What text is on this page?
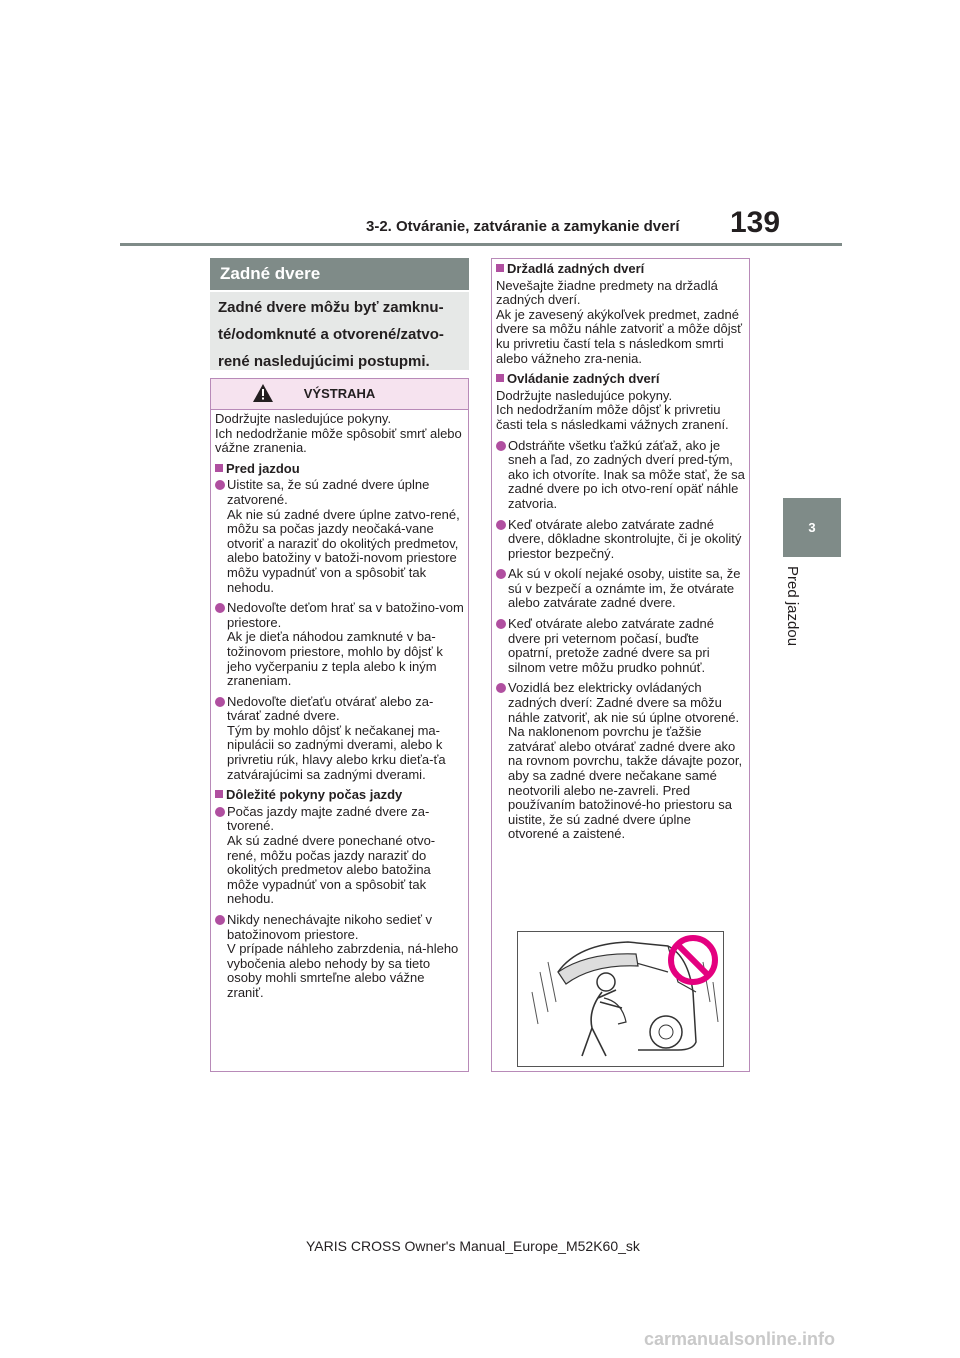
3-2. Otváranie, zatváranie a zamykanie dverí 139
3
Pred jazdou
Zadné dvere
Zadné dvere môžu byť zamknu-té/odomknuté a otvorené/zatvo-rené nasledujúcimi postupmi.
VÝSTRAHA

Dodržujte nasledujúce pokyny.
Ich nedodržanie môže spôsobiť smrť alebo vážne zranenia.

Pred jazdou
Uistite sa, že sú zadné dvere úplne zatvorené.
Ak nie sú zadné dvere úplne zatvo-rené, môžu sa počas jazdy neočaká-vane otvoriť a naraziť do okolitých predmetov, alebo batožiny v batoži-novom priestore môžu vypadnúť von a spôsobiť tak nehodu.
Nedovoľte deťom hrať sa v batožino-vom priestore.
Ak je dieťa náhodou zamknuté v ba-tožinovom priestore, mohlo by dôjsť k jeho vyčerpaniu z tepla alebo k iným zraneniam.
Nedovoľte dieťaťu otvárať alebo za-tvárať zadné dvere.
Tým by mohlo dôjsť k nečakanej ma-nipulácii so zadnými dverami, alebo k privretiu rúk, hlavy alebo krku dieťa-ťa zatvárajúcimi sa zadnými dverami.
Dôležité pokyny počas jazdy
Počas jazdy majte zadné dvere za-tvorené.
Ak sú zadné dvere ponechané otvo-rené, môžu počas jazdy naraziť do okolitých predmetov alebo batožina môže vypadnúť von a spôsobiť tak nehodu.
Nikdy nenechávajte nikoho sedieť v batožinovom priestore.
V prípade náhleho zabrzdenia, ná-hleho vybočenia alebo nehody by sa tieto osoby mohli smrteľne alebo vážne zraniť.
Držadlá zadných dverí

Nevešajte žiadne predmety na držadlá zadných dverí.
Ak je zavesený akýkoľvek predmet, zadné dvere sa môžu náhle zatvoriť a môže dôjsť ku privretiu častí tela s následkom smrti alebo vážneho zra-nenia.

Ovládanie zadných dverí

Dodržujte nasledujúce pokyny.
Ich nedodržaním môže dôjsť k privretiu časti tela s následkami vážnych zranení.

Odstráňte všetku ťažkú záťaž, ako je sneh a ľad, zo zadných dverí pred-tým, ako ich otvoríte. Inak sa môže stať, že sa zadné dvere po ich otvo-rení opäť náhle zatvoria.
Keď otvárate alebo zatvárate zadné dvere, dôkladne skontrolujte, či je okolitý priestor bezpečný.
Ak sú v okolí nejaké osoby, uistite sa, že sú v bezpečí a oznámte im, že otvárate alebo zatvárate zadné dvere.
Keď otvárate alebo zatvárate zadné dvere pri veternom počasí, buďte opatrní, pretože zadné dvere sa pri silnom vetre môžu prudko pohnúť.
Vozidlá bez elektricky ovládaných zadných dverí: Zadné dvere sa môžu náhle zatvoriť, ak nie sú úplne otvorené. Na naklonenom povrchu je ťažšie zatvárať alebo otvárať zadné dvere ako na rovnom povrchu, takže dávajte pozor, aby sa zadné dvere nečakane samé neotvorili alebo ne-zavreli. Pred používaním batožinové-ho priestoru sa uistite, že sú zadné dvere úplne otvorené a zaistené.
YARIS CROSS Owner's Manual_Europe_M52K60_sk
carmanualsonline.info
